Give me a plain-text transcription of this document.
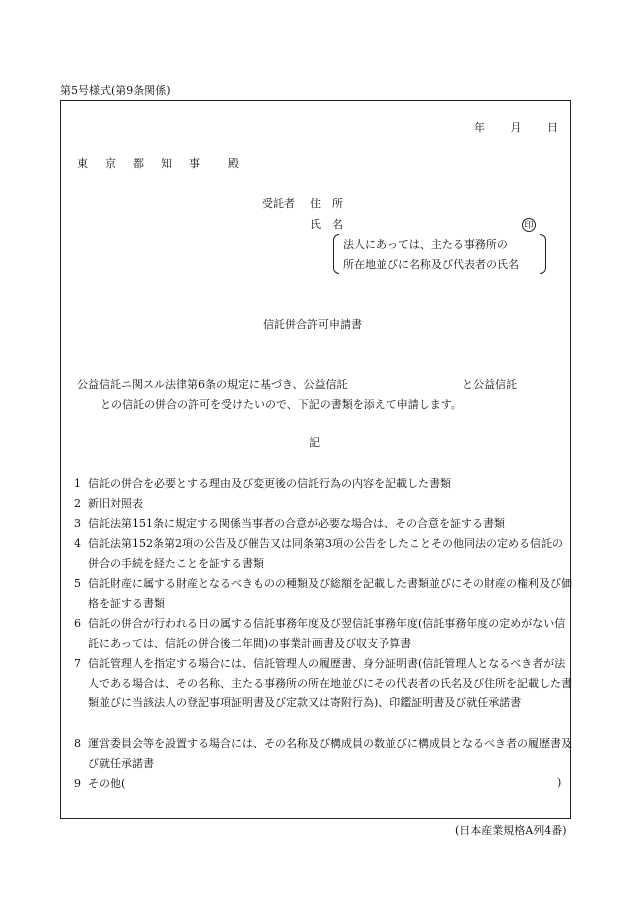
第5号様式(第9条関係)
年 月 日
東 京 都 知 事	殿
受託者 住　所
氏　名	印
法人にあっては、主たる事務所の
所在地並びに名称及び代表者の氏名
信託併合許可申請書
公益信託ニ関スル法律第6条の規定に基づき、公益信託	と公益信託
との信託の併合の許可を受けたいので、下記の書類を添えて申請します。
記
1 信託の併合を必要とする理由及び変更後の信託行為の内容を記載した書類
2 新旧対照表
3 信託法第151条に規定する関係当事者の合意が必要な場合は、その合意を証する書類
4 信託法第152条第2項の公告及び催告又は同条第3項の公告をしたことその他同法の定める信託の併合の手続を経たことを証する書類
5 信託財産に属する財産となるべきものの種類及び総額を記載した書類並びにその財産の権利及び価格を証する書類
6 信託の併合が行われる日の属する信託事務年度及び翌信託事務年度(信託事務年度の定めがない信託にあっては、信託の併合後二年間)の事業計画書及び収支予算書
7 信託管理人を指定する場合には、信託管理人の履歴書、身分証明書(信託管理人となるべき者が法人である場合は、その名称、主たる事務所の所在地並びにその代表者の氏名及び住所を記載した書類並びに当該法人の登記事項証明書及び定款又は寄附行為)、印鑑証明書及び就任承諾書
8 運営委員会等を設置する場合には、その名称及び構成員の数並びに構成員となるべき者の履歴書及び就任承諾書
9 その他(	)
(日本産業規格A列4番)
